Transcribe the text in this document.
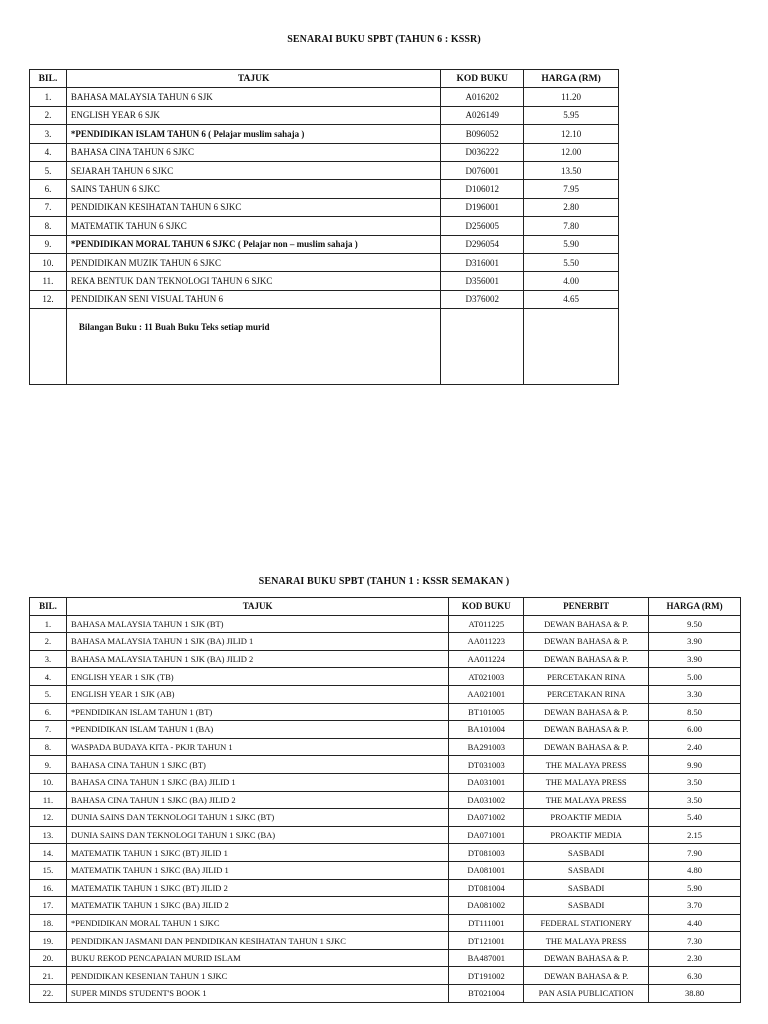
SENARAI BUKU SPBT (TAHUN 6 : KSSR)
BIL.	TAJUK	KOD BUKU	HARGA (RM)
1.	BAHASA MALAYSIA TAHUN 6 SJK	A016202	11.20
2.	ENGLISH YEAR 6 SJK	A026149	5.95
3.	*PENDIDIKAN ISLAM TAHUN 6 ( Pelajar muslim sahaja )	B096052	12.10
4.	BAHASA CINA TAHUN 6 SJKC	D036222	12.00
5.	SEJARAH TAHUN 6 SJKC	D076001	13.50
6.	SAINS TAHUN 6 SJKC	D106012	7.95
7.	PENDIDIKAN KESIHATAN TAHUN 6 SJKC	D196001	2.80
8.	MATEMATIK TAHUN 6 SJKC	D256005	7.80
9.	*PENDIDIKAN MORAL TAHUN 6 SJKC ( Pelajar non – muslim sahaja )	D296054	5.90
10.	PENDIDIKAN MUZIK TAHUN 6 SJKC	D316001	5.50
11.	REKA BENTUK DAN TEKNOLOGI TAHUN 6 SJKC	D356001	4.00
12.	PENDIDIKAN SENI VISUAL TAHUN 6	D376002	4.65
	Bilangan Buku : 11 Buah Buku Teks setiap murid		
SENARAI BUKU SPBT (TAHUN 1 : KSSR SEMAKAN )
BIL.	TAJUK	KOD BUKU	PENERBIT	HARGA (RM)
1.	BAHASA MALAYSIA TAHUN 1 SJK (BT)	AT011225	DEWAN BAHASA & P.	9.50
2.	BAHASA MALAYSIA TAHUN 1 SJK (BA) JILID 1	AA011223	DEWAN BAHASA & P.	3.90
3.	BAHASA MALAYSIA TAHUN 1 SJK (BA) JILID 2	AA011224	DEWAN BAHASA & P.	3.90
4.	ENGLISH YEAR 1 SJK (TB)	AT021003	PERCETAKAN RINA	5.00
5.	ENGLISH YEAR 1 SJK (AB)	AA021001	PERCETAKAN RINA	3.30
6.	*PENDIDIKAN ISLAM TAHUN 1 (BT)	BT101005	DEWAN BAHASA & P.	8.50
7.	*PENDIDIKAN ISLAM TAHUN 1 (BA)	BA101004	DEWAN BAHASA & P.	6.00
8.	WASPADA BUDAYA KITA - PKJR TAHUN 1	BA291003	DEWAN BAHASA & P.	2.40
9.	BAHASA CINA TAHUN 1 SJKC (BT)	DT031003	THE MALAYA PRESS	9.90
10.	BAHASA CINA TAHUN 1 SJKC (BA) JILID 1	DA031001	THE MALAYA PRESS	3.50
11.	BAHASA CINA TAHUN 1 SJKC (BA) JILID 2	DA031002	THE MALAYA PRESS	3.50
12.	DUNIA SAINS DAN TEKNOLOGI TAHUN 1 SJKC (BT)	DA071002	PROAKTIF MEDIA	5.40
13.	DUNIA SAINS DAN TEKNOLOGI TAHUN 1 SJKC (BA)	DA071001	PROAKTIF MEDIA	2.15
14.	MATEMATIK TAHUN 1 SJKC (BT) JILID 1	DT081003	SASBADI	7.90
15.	MATEMATIK TAHUN 1 SJKC (BA) JILID 1	DA081001	SASBADI	4.80
16.	MATEMATIK TAHUN 1 SJKC (BT) JILID 2	DT081004	SASBADI	5.90
17.	MATEMATIK TAHUN 1 SJKC (BA) JILID 2	DA081002	SASBADI	3.70
18.	*PENDIDIKAN MORAL TAHUN 1 SJKC	DT111001	FEDERAL STATIONERY	4.40
19.	PENDIDIKAN JASMANI DAN PENDIDIKAN KESIHATAN TAHUN 1 SJKC	DT121001	THE MALAYA PRESS	7.30
20.	BUKU REKOD PENCAPAIAN MURID ISLAM	BA487001	DEWAN BAHASA & P.	2.30
21.	PENDIDIKAN KESENIAN TAHUN 1 SJKC	DT191002	DEWAN BAHASA & P.	6.30
22.	SUPER MINDS STUDENT'S BOOK 1	BT021004	PAN ASIA PUBLICATION	38.80
